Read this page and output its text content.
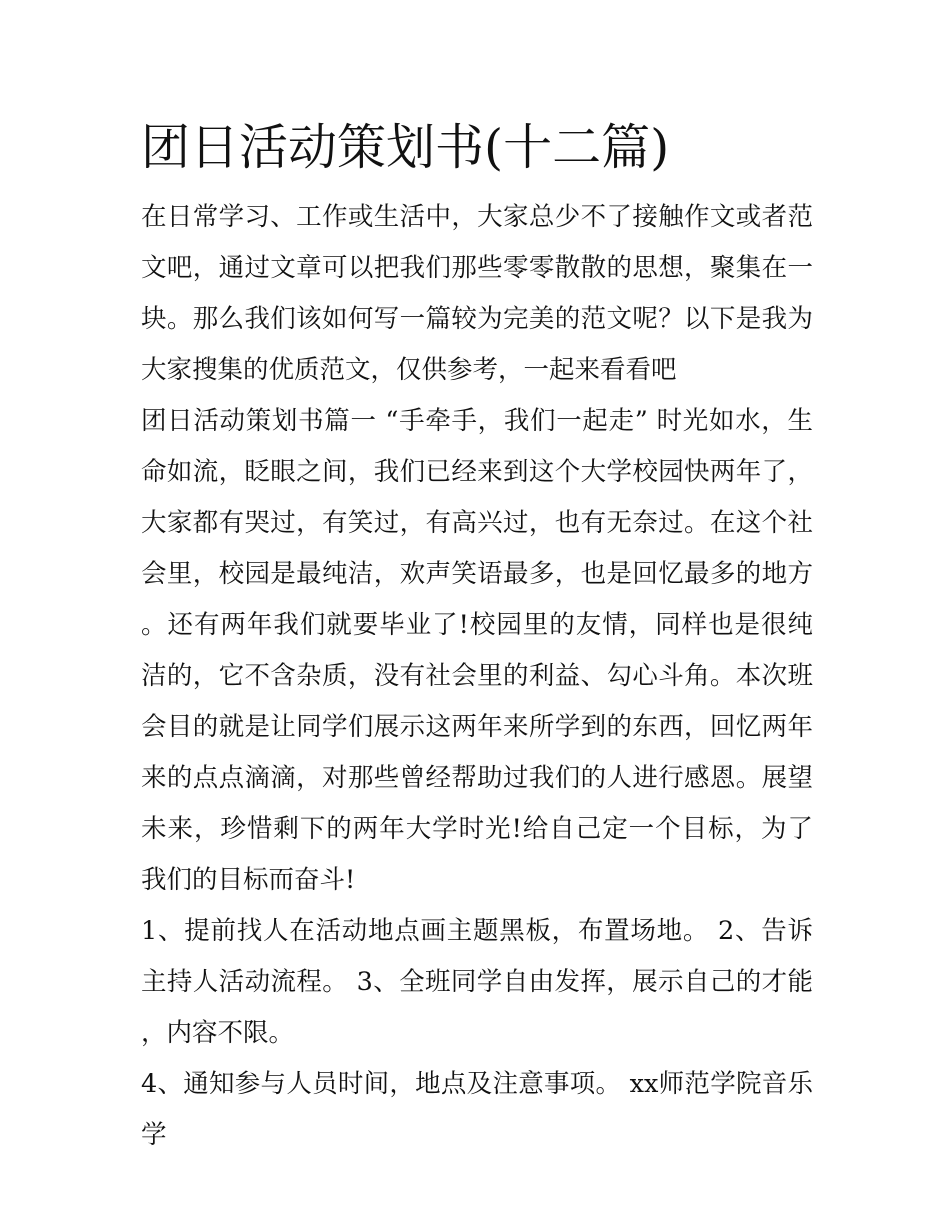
团日活动策划书(十二篇)

在日常学习、工作或生活中，大家总少不了接触作文或者范文吧，通过文章可以把我们那些零零散散的思想，聚集在一块。那么我们该如何写一篇较为完美的范文呢？以下是我为大家搜集的优质范文，仅供参考，一起来看看吧

团日活动策划书篇一 “手牵手，我们一起走” 时光如水，生命如流，眨眼之间，我们已经来到这个大学校园快两年了，大家都有哭过，有笑过，有高兴过，也有无奈过。在这个社会里，校园是最纯洁，欢声笑语最多，也是回忆最多的地方。还有两年我们就要毕业了!校园里的友情，同样也是很纯洁的，它不含杂质，没有社会里的利益、勾心斗角。本次班会目的就是让同学们展示这两年来所学到的东西，回忆两年来的点点滴滴，对那些曾经帮助过我们的人进行感恩。展望未来，珍惜剩下的两年大学时光!给自己定一个目标，为了我们的目标而奋斗!

1、提前找人在活动地点画主题黑板，布置场地。 2、告诉主持人活动流程。 3、全班同学自由发挥，展示自己的才能，内容不限。

4、通知参与人员时间，地点及注意事项。 xx师范学院音乐学
